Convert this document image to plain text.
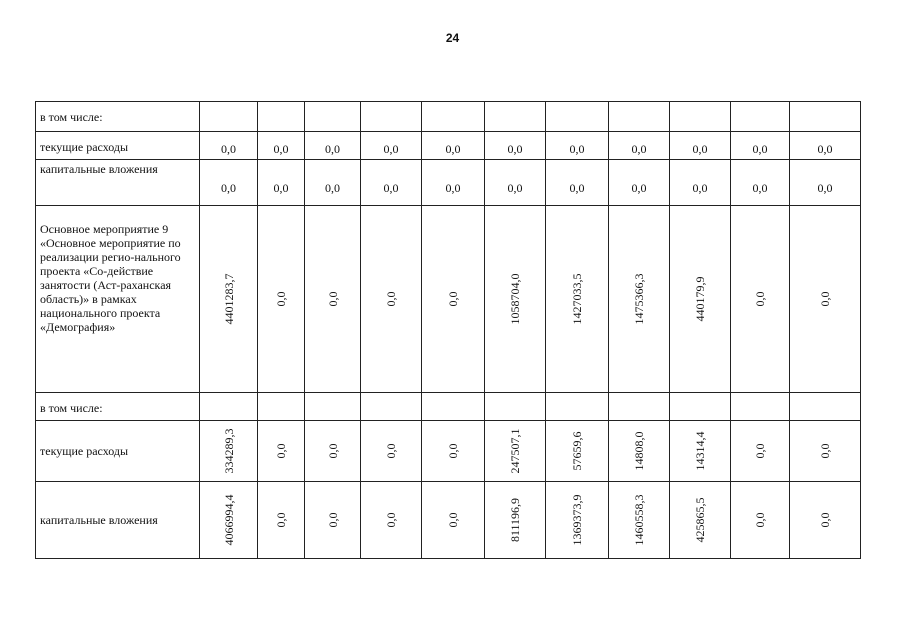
24
в том числе:											

текущие расходы	0,0	0,0	0,0	0,0	0,0	0,0	0,0	0,0	0,0	0,0	0,0

капитальные вложения	0,0	0,0	0,0	0,0	0,0	0,0	0,0	0,0	0,0	0,0	0,0

Основное мероприятие 9 «Основное мероприятие по реализации регио-нального проекта «Со-действие занятости (Аст-раханская область)» в рамках национального проекта «Демография»	4401283,7	0,0	0,0	0,0	0,0	1058704,0	1427033,5	1475366,3	440179,9	0,0	0,0

в том числе:											

текущие расходы	334289,3	0,0	0,0	0,0	0,0	247507,1	57659,6	14808,0	14314,4	0,0	0,0

капитальные вложения	4066994,4	0,0	0,0	0,0	0,0	811196,9	1369373,9	1460558,3	425865,5	0,0	0,0
